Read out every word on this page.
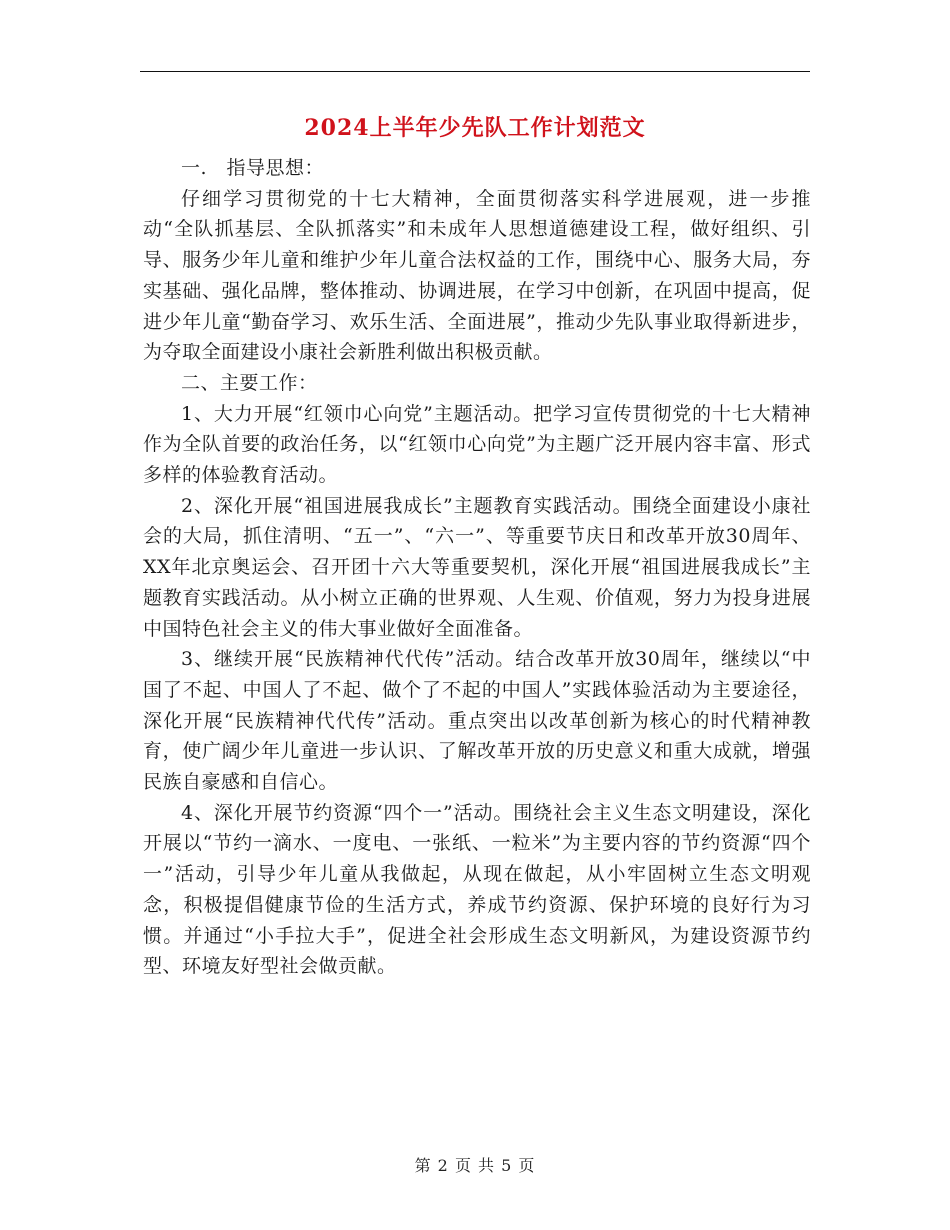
2024上半年少先队工作计划范文

一.　指导思想：

仔细学习贯彻党的十七大精神，全面贯彻落实科学进展观，进一步推动“全队抓基层、全队抓落实”和未成年人思想道德建设工程，做好组织、引导、服务少年儿童和维护少年儿童合法权益的工作，围绕中心、服务大局，夯实基础、强化品牌，整体推动、协调进展，在学习中创新，在巩固中提高，促进少年儿童“勤奋学习、欢乐生活、全面进展”，推动少先队事业取得新进步，为夺取全面建设小康社会新胜利做出积极贡献。

二、主要工作：

1、大力开展“红领巾心向党”主题活动。把学习宣传贯彻党的十七大精神作为全队首要的政治任务，以“红领巾心向党”为主题广泛开展内容丰富、形式多样的体验教育活动。

2、深化开展“祖国进展我成长”主题教育实践活动。围绕全面建设小康社会的大局，抓住清明、“五一”、“六一”、等重要节庆日和改革开放30周年、XX年北京奥运会、召开团十六大等重要契机，深化开展“祖国进展我成长”主题教育实践活动。从小树立正确的世界观、人生观、价值观，努力为投身进展中国特色社会主义的伟大事业做好全面准备。

3、继续开展“民族精神代代传”活动。结合改革开放30周年，继续以“中国了不起、中国人了不起、做个了不起的中国人”实践体验活动为主要途径，深化开展“民族精神代代传”活动。重点突出以改革创新为核心的时代精神教育，使广阔少年儿童进一步认识、了解改革开放的历史意义和重大成就，增强民族自豪感和自信心。

4、深化开展节约资源“四个一”活动。围绕社会主义生态文明建设，深化开展以“节约一滴水、一度电、一张纸、一粒米”为主要内容的节约资源“四个一”活动，引导少年儿童从我做起，从现在做起，从小牢固树立生态文明观念，积极提倡健康节俭的生活方式，养成节约资源、保护环境的良好行为习惯。并通过“小手拉大手”，促进全社会形成生态文明新风，为建设资源节约型、环境友好型社会做贡献。

第 2 页 共 5 页
